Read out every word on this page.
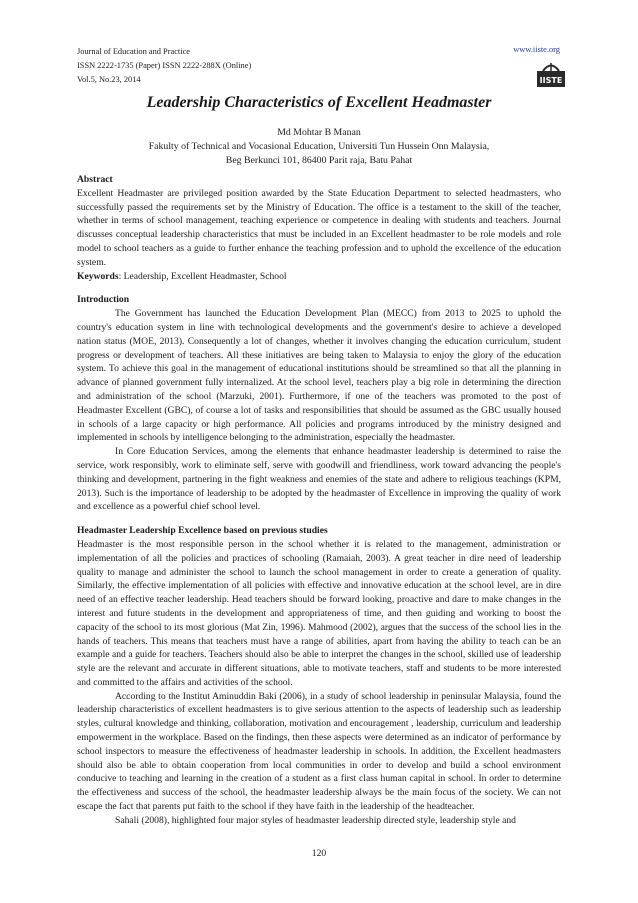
Journal of Education and Practice
ISSN 2222-1735 (Paper) ISSN 2222-288X (Online)
Vol.5, No.23, 2014
www.iiste.org
IISTE
Leadership Characteristics of Excellent Headmaster
Md Mohtar B Manan
Fakulty of Technical and Vocasional Education, Universiti Tun Hussein Onn Malaysia,
Beg Berkunci 101, 86400 Parit raja, Batu Pahat

Abstract

Excellent Headmaster are privileged position awarded by the State Education Department to selected headmasters, who successfully passed the requirements set by the Ministry of Education. The office is a testament to the skill of the teacher, whether in terms of school management, teaching experience or competence in dealing with students and teachers. Journal discusses conceptual leadership characteristics that must be included in an Excellent headmaster to be role models and role model to school teachers as a guide to further enhance the teaching profession and to uphold the excellence of the education system.

Keywords: Leadership, Excellent Headmaster, School

Introduction

The Government has launched the Education Development Plan (MECC) from 2013 to 2025 to uphold the country's education system in line with technological developments and the government's desire to achieve a developed nation status (MOE, 2013). Consequently a lot of changes, whether it involves changing the education curriculum, student progress or development of teachers. All these initiatives are being taken to Malaysia to enjoy the glory of the education system. To achieve this goal in the management of educational institutions should be streamlined so that all the planning in advance of planned government fully internalized. At the school level, teachers play a big role in determining the direction and administration of the school (Marzuki, 2001). Furthermore, if one of the teachers was promoted to the post of Headmaster Excellent (GBC), of course a lot of tasks and responsibilities that should be assumed as the GBC usually housed in schools of a large capacity or high performance. All policies and programs introduced by the ministry designed and implemented in schools by intelligence belonging to the administration, especially the headmaster.

In Core Education Services, among the elements that enhance headmaster leadership is determined to raise the service, work responsibly, work to eliminate self, serve with goodwill and friendliness, work toward advancing the people's thinking and development, partnering in the fight weakness and enemies of the state and adhere to religious teachings (KPM, 2013). Such is the importance of leadership to be adopted by the headmaster of Excellence in improving the quality of work and excellence as a powerful chief school level.

Headmaster Leadership Excellence based on previous studies

Headmaster is the most responsible person in the school whether it is related to the management, administration or implementation of all the policies and practices of schooling (Ramaiah, 2003). A great teacher in dire need of leadership quality to manage and administer the school to launch the school management in order to create a generation of quality. Similarly, the effective implementation of all policies with effective and innovative education at the school level, are in dire need of an effective teacher leadership. Head teachers should be forward looking, proactive and dare to make changes in the interest and future students in the development and appropriateness of time, and then guiding and working to boost the capacity of the school to its most glorious (Mat Zin, 1996). Mahmood (2002), argues that the success of the school lies in the hands of teachers. This means that teachers must have a range of abilities, apart from having the ability to teach can be an example and a guide for teachers. Teachers should also be able to interpret the changes in the school, skilled use of leadership style are the relevant and accurate in different situations, able to motivate teachers, staff and students to be more interested and committed to the affairs and activities of the school.

According to the Institut Aminuddin Baki (2006), in a study of school leadership in peninsular Malaysia, found the leadership characteristics of excellent headmasters is to give serious attention to the aspects of leadership such as leadership styles, cultural knowledge and thinking, collaboration, motivation and encouragement , leadership, curriculum and leadership empowerment in the workplace. Based on the findings, then these aspects were determined as an indicator of performance by school inspectors to measure the effectiveness of headmaster leadership in schools. In addition, the Excellent headmasters should also be able to obtain cooperation from local communities in order to develop and build a school environment conducive to teaching and learning in the creation of a student as a first class human capital in school. In order to determine the effectiveness and success of the school, the headmaster leadership always be the main focus of the society. We can not escape the fact that parents put faith to the school if they have faith in the leadership of the headteacher.

Sahali (2008), highlighted four major styles of headmaster leadership directed style, leadership style and

120
